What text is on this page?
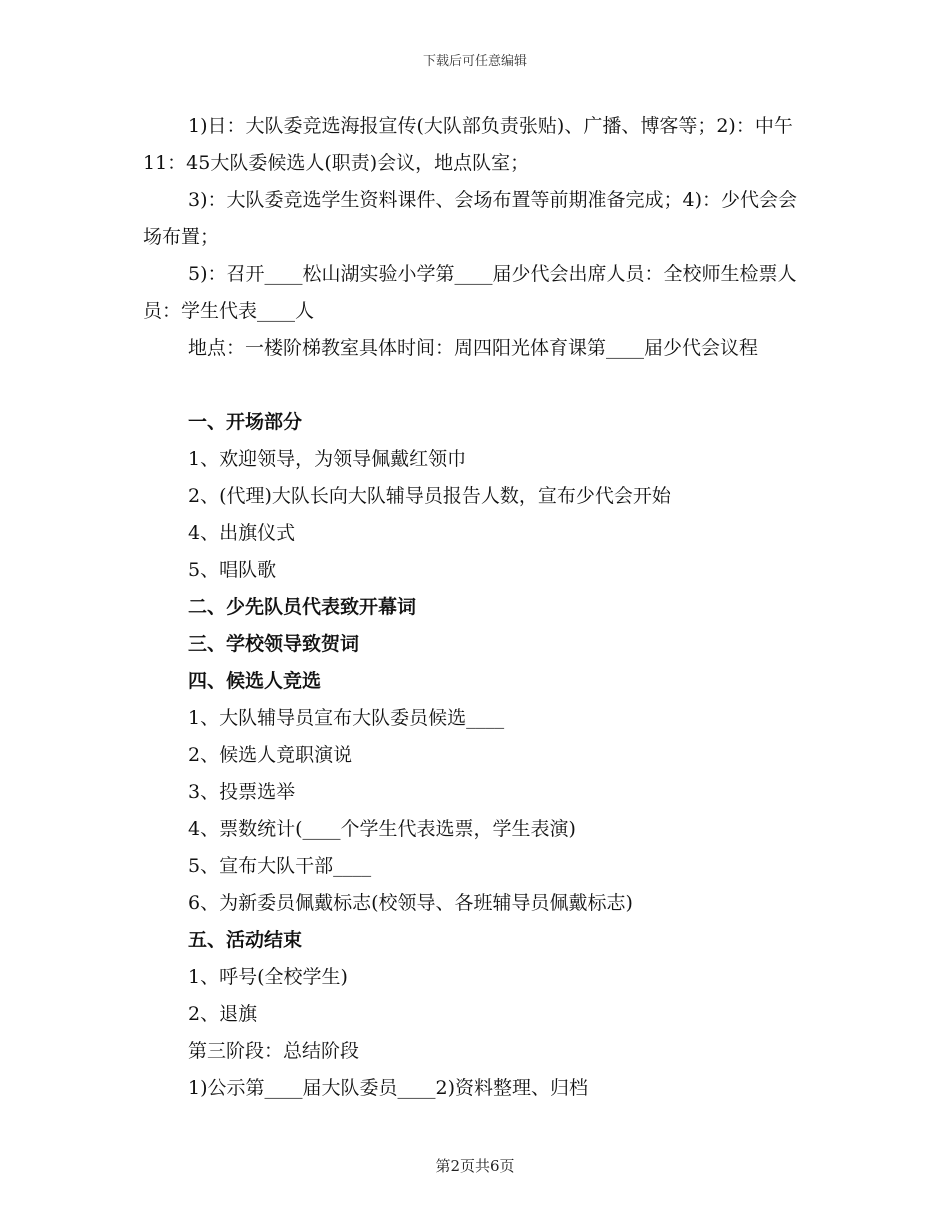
下载后可任意编辑

1)日：大队委竞选海报宣传(大队部负责张贴)、广播、博客等；2)：中午11：45大队委候选人(职责)会议，地点队室；

3)：大队委竞选学生资料课件、会场布置等前期准备完成；4)：少代会会场布置；

5)：召开____松山湖实验小学第____届少代会出席人员：全校师生检票人员：学生代表____人

地点：一楼阶梯教室具体时间：周四阳光体育课第____届少代会议程

一、开场部分
1、欢迎领导，为领导佩戴红领巾
2、(代理)大队长向大队辅导员报告人数，宣布少代会开始
4、出旗仪式
5、唱队歌
二、少先队员代表致开幕词
三、学校领导致贺词
四、候选人竞选
1、大队辅导员宣布大队委员候选____
2、候选人竟职演说
3、投票选举
4、票数统计(____个学生代表选票，学生表演)
5、宣布大队干部____
6、为新委员佩戴标志(校领导、各班辅导员佩戴标志)
五、活动结束
1、呼号(全校学生)
2、退旗
第三阶段：总结阶段
1)公示第____届大队委员____2)资料整理、归档
第2页共6页
